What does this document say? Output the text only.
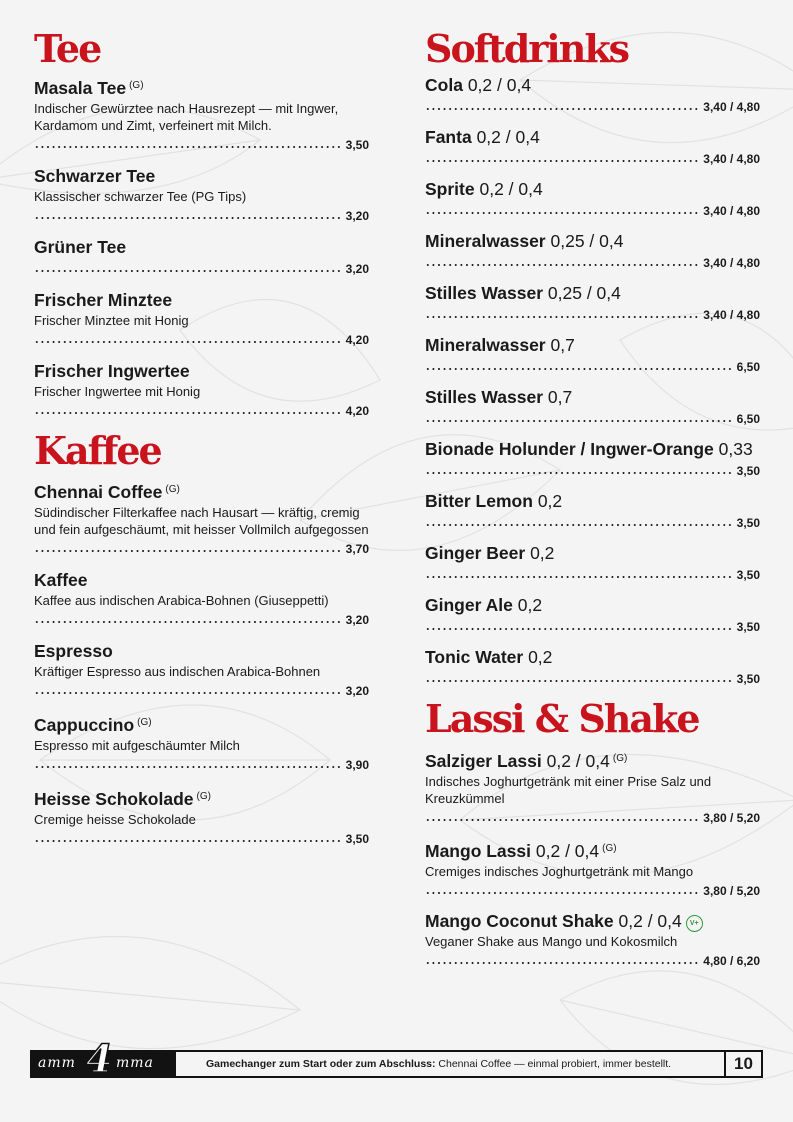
Tee
Masala Tee $^{(G)}$
Indischer Gewürztee nach Hausrezept — mit Ingwer, Kardamom und Zimt, verfeinert mit Milch.
3,50
Schwarzer Tee
Klassischer schwarzer Tee (PG Tips)
3,20
Grüner Tee
3,20
Frischer Minztee
Frischer Minztee mit Honig
4,20
Frischer Ingwertee
Frischer Ingwertee mit Honig
4,20
Kaffee
Chennai Coffee $^{(G)}$
Südindischer Filterkaffee nach Hausart — kräftig, cremig und fein aufgeschäumt, mit heisser Vollmilch aufgegossen
3,70
Kaffee
Kaffee aus indischen Arabica-Bohnen (Giuseppetti)
3,20
Espresso
Kräftiger Espresso aus indischen Arabica-Bohnen
3,20
Cappuccino $^{(G)}$
Espresso mit aufgeschäumter Milch
3,90
Heisse Schokolade $^{(G)}$
Cremige heisse Schokolade
3,50
Softdrinks
Cola 0,2 / 0,4
3,40 / 4,80
Fanta 0,2 / 0,4
3,40 / 4,80
Sprite 0,2 / 0,4
3,40 / 4,80
Mineralwasser 0,25 / 0,4
3,40 / 4,80
Stilles Wasser 0,25 / 0,4
3,40 / 4,80
Mineralwasser 0,7
6,50
Stilles Wasser 0,7
6,50
Bionade Holunder / Ingwer-Orange 0,33
3,50
Bitter Lemon 0,2
3,50
Ginger Beer 0,2
3,50
Ginger Ale 0,2
3,50
Tonic Water 0,2
3,50
Lassi & Shake
Salziger Lassi 0,2 / 0,4 $^{(G)}$
Indisches Joghurtgetränk mit einer Prise Salz und Kreuzkümmel
3,80 / 5,20
Mango Lassi 0,2 / 0,4 $^{(G)}$
Cremiges indisches Joghurtgetränk mit Mango
3,80 / 5,20
Mango Coconut Shake 0,2 / 0,4 V+
Veganer Shake aus Mango und Kokosmilch
4,80 / 6,20
amm 4 mma	Gamechanger zum Start oder zum Abschluss: Chennai Coffee — einmal probiert, immer bestellt.	10
